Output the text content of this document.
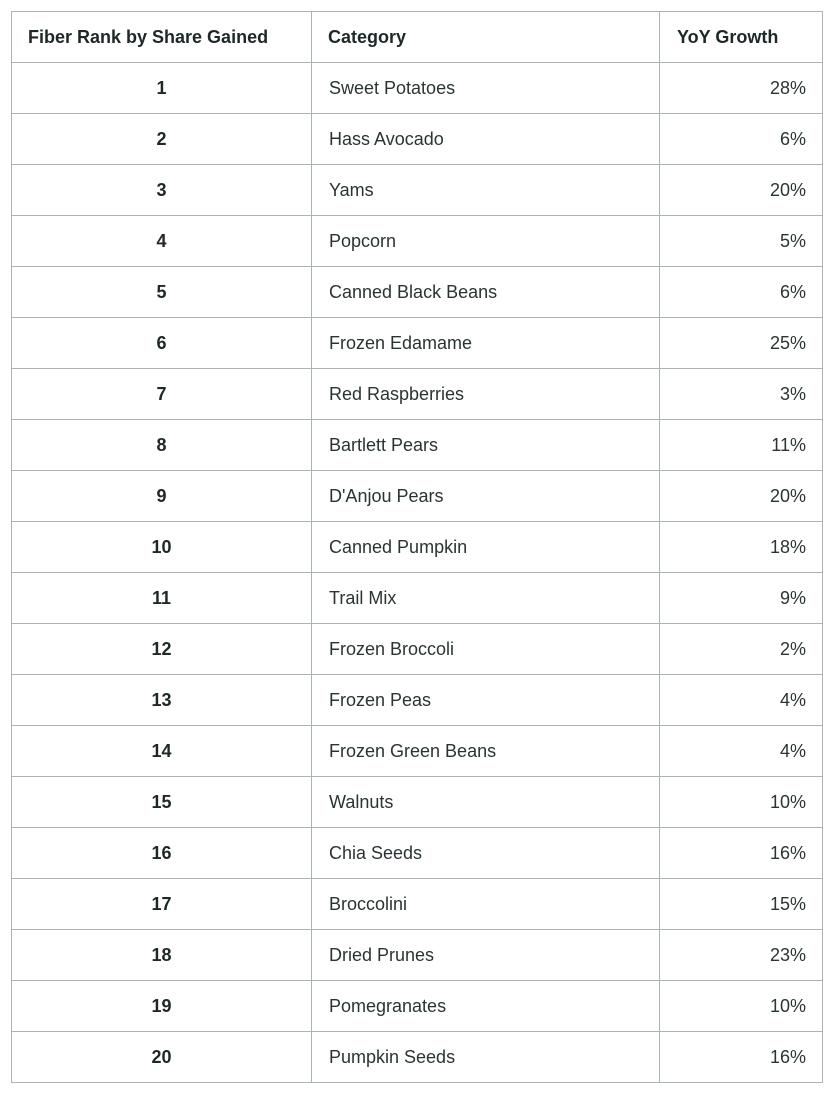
Fiber Rank by Share Gained	Category	YoY Growth
1	Sweet Potatoes	28%
2	Hass Avocado	6%
3	Yams	20%
4	Popcorn	5%
5	Canned Black Beans	6%
6	Frozen Edamame	25%
7	Red Raspberries	3%
8	Bartlett Pears	11%
9	D'Anjou Pears	20%
10	Canned Pumpkin	18%
11	Trail Mix	9%
12	Frozen Broccoli	2%
13	Frozen Peas	4%
14	Frozen Green Beans	4%
15	Walnuts	10%
16	Chia Seeds	16%
17	Broccolini	15%
18	Dried Prunes	23%
19	Pomegranates	10%
20	Pumpkin Seeds	16%
